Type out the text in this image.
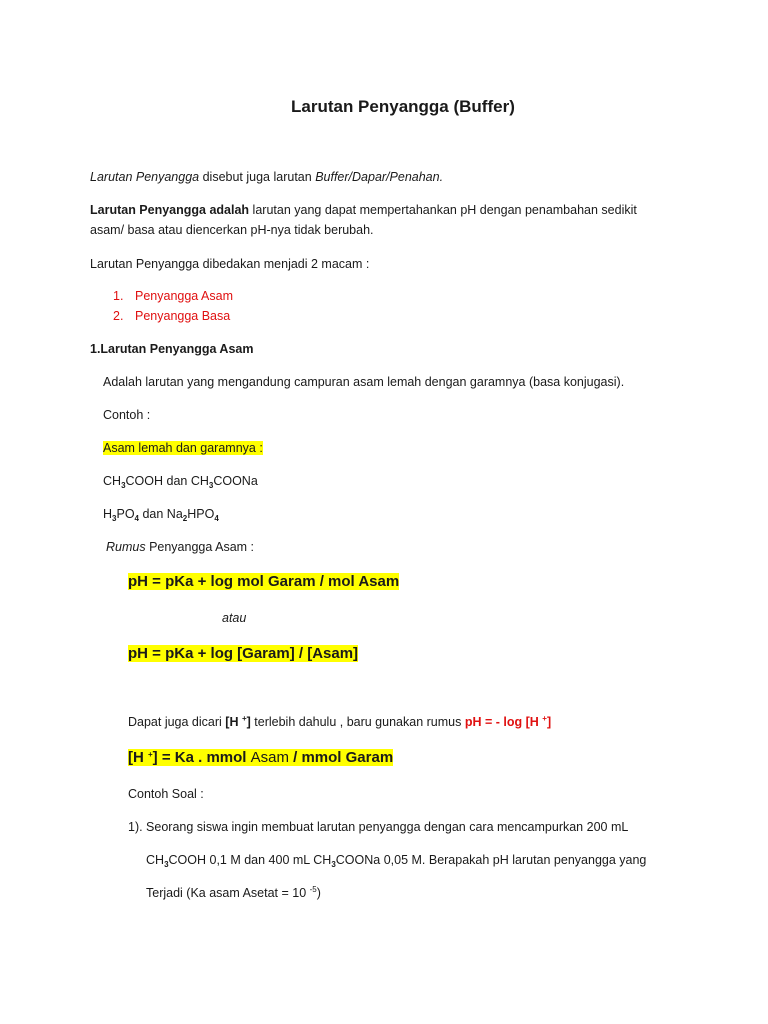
Larutan Penyangga (Buffer)
Larutan Penyangga disebut juga larutan Buffer/Dapar/Penahan.
Larutan Penyangga adalah larutan yang dapat mempertahankan pH dengan penambahan sedikit
asam/ basa atau diencerkan pH-nya tidak berubah.
Larutan Penyangga dibedakan menjadi 2 macam :
1. Penyangga Asam
2. Penyangga Basa
1.Larutan Penyangga Asam
Adalah larutan yang mengandung campuran asam lemah dengan garamnya (basa konjugasi).
Contoh :
Asam lemah dan garamnya :
$CH_3COOH$ dan $CH_3COONa$
$H_3PO_4$ dan $Na_2HPO_4$
Rumus Penyangga Asam :
pH = pKa + log mol Garam / mol Asam
atau
pH = pKa + log [Garam] / [Asam]
Dapat juga dicari [H +] terlebih dahulu , baru gunakan rumus pH = - log [H +]
[H +] = Ka . mmol Asam / mmol Garam
Contoh Soal :
1). Seorang siswa ingin membuat larutan penyangga dengan cara mencampurkan 200 mL
$CH_3COOH$ 0,1 M dan 400 mL $CH_3COONa$ 0,05 M. Berapakah pH larutan penyangga yang
Terjadi (Ka asam Asetat = 10 $^{-5}$)
